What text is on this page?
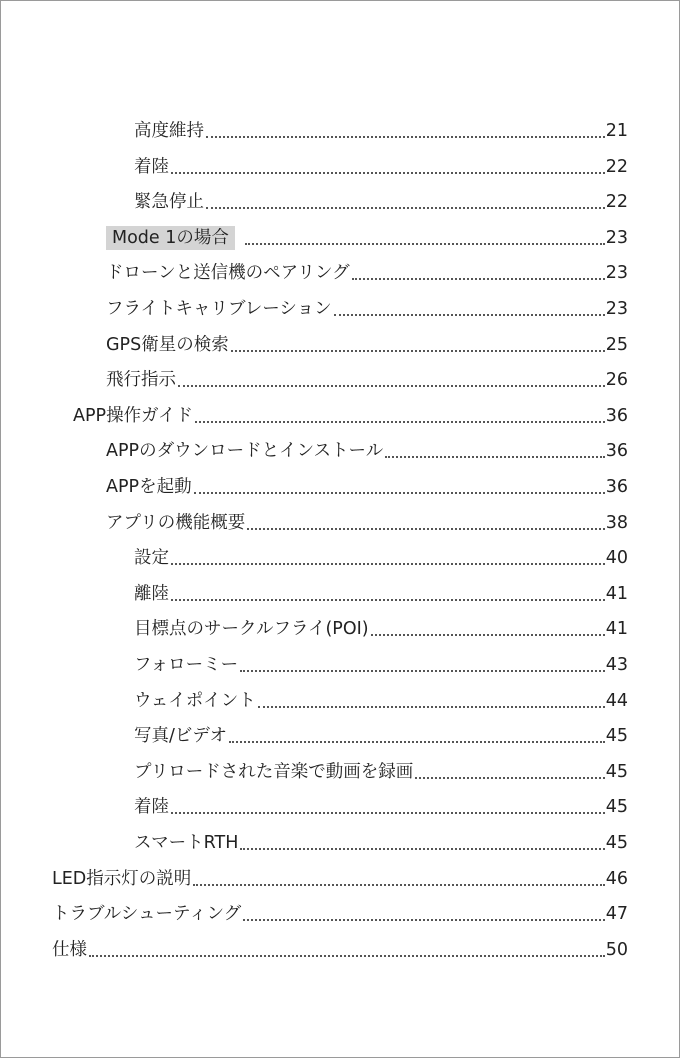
高度維持	21
着陸	22
緊急停止	22
Mode 1の場合	23
ドローンと送信機のペアリング	23
フライトキャリブレーション	23
GPS衛星の検索	25
飛行指示	26
APP操作ガイド	36
APPのダウンロードとインストール	36
APPを起動	36
アプリの機能概要	38
設定	40
離陸	41
目標点のサークルフライ(POI)	41
フォローミー	43
ウェイポイント	44
写真/ビデオ	45
プリロードされた音楽で動画を録画	45
着陸	45
スマートRTH	45
LED指示灯の説明	46
トラブルシューティング	47
仕様	50
